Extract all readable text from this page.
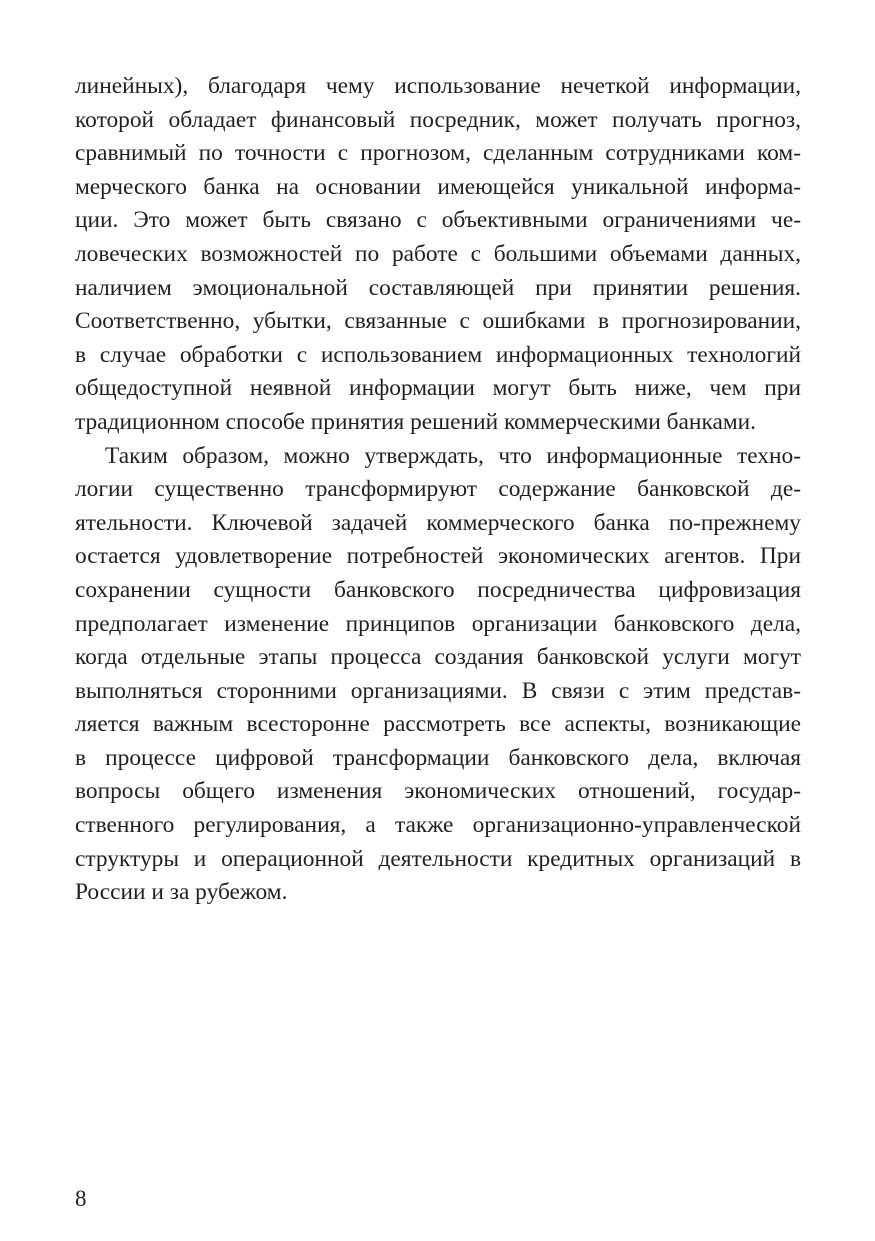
линейных), благодаря чему использование нечеткой информации,
которой обладает финансовый посредник, может получать прогноз,
сравнимый по точности с прогнозом, сделанным сотрудниками ком-
мерческого банка на основании имеющейся уникальной информа-
ции. Это может быть связано с объективными ограничениями че-
ловеческих возможностей по работе с большими объемами данных,
наличием эмоциональной составляющей при принятии решения.
Соответственно, убытки, связанные с ошибками в прогнозировании,
в случае обработки с использованием информационных технологий
общедоступной неявной информации могут быть ниже, чем при
традиционном способе принятия решений коммерческими банками.

Таким образом, можно утверждать, что информационные техно-
логии существенно трансформируют содержание банковской де-
ятельности. Ключевой задачей коммерческого банка по-прежнему
остается удовлетворение потребностей экономических агентов. При
сохранении сущности банковского посредничества цифровизация
предполагает изменение принципов организации банковского дела,
когда отдельные этапы процесса создания банковской услуги могут
выполняться сторонними организациями. В связи с этим представ-
ляется важным всесторонне рассмотреть все аспекты, возникающие
в процессе цифровой трансформации банковского дела, включая
вопросы общего изменения экономических отношений, государ-
ственного регулирования, а также организационно-управленческой
структуры и операционной деятельности кредитных организаций в
России и за рубежом.

8
